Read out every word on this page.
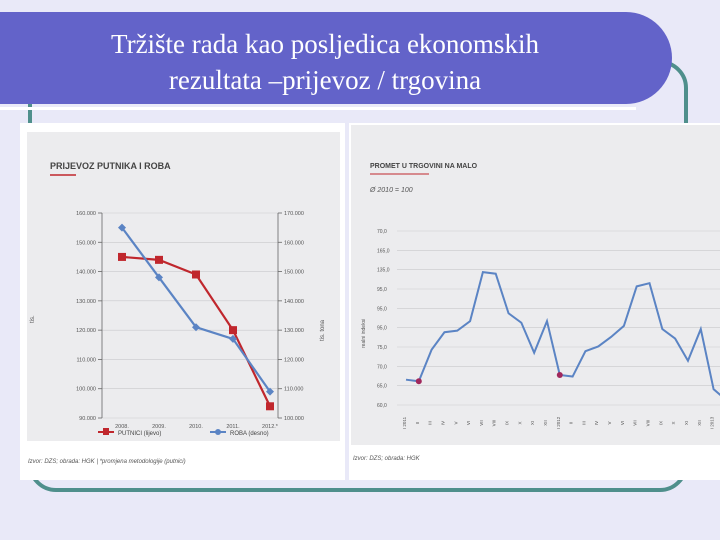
Tržište rada kao posljedica ekonomskih
rezultata –prijevoz / trgovina
PRIJEVOZ PUTNIKA I ROBA
160.000
150.000
140.000
130.000
120.000
110.000
100.000
90.000
170.000
160.000
150.000
140.000
130.000
120.000
110.000
100.000
tis.
tis. tona
2008.	2009.	2010.	2011.	2012.*
PUTNICI (lijevo)	ROBA (desno)
Izvor: DZS; obrada: HGK | *promjena metodologije (putnici)
PROMET U TRGOVINI NA MALO
Ø 2010 = 100
realni indeksi
70,0
165,0
135,0
95,0
95,0
95,0
75,0
70,0
65,0
60,0
I 2011 II III IV V VI VII VIII IX X XI XII I 2012 II III IV V VI VII VIII IX X XI XII I 2013
Izvor: DZS; obrada: HGK
